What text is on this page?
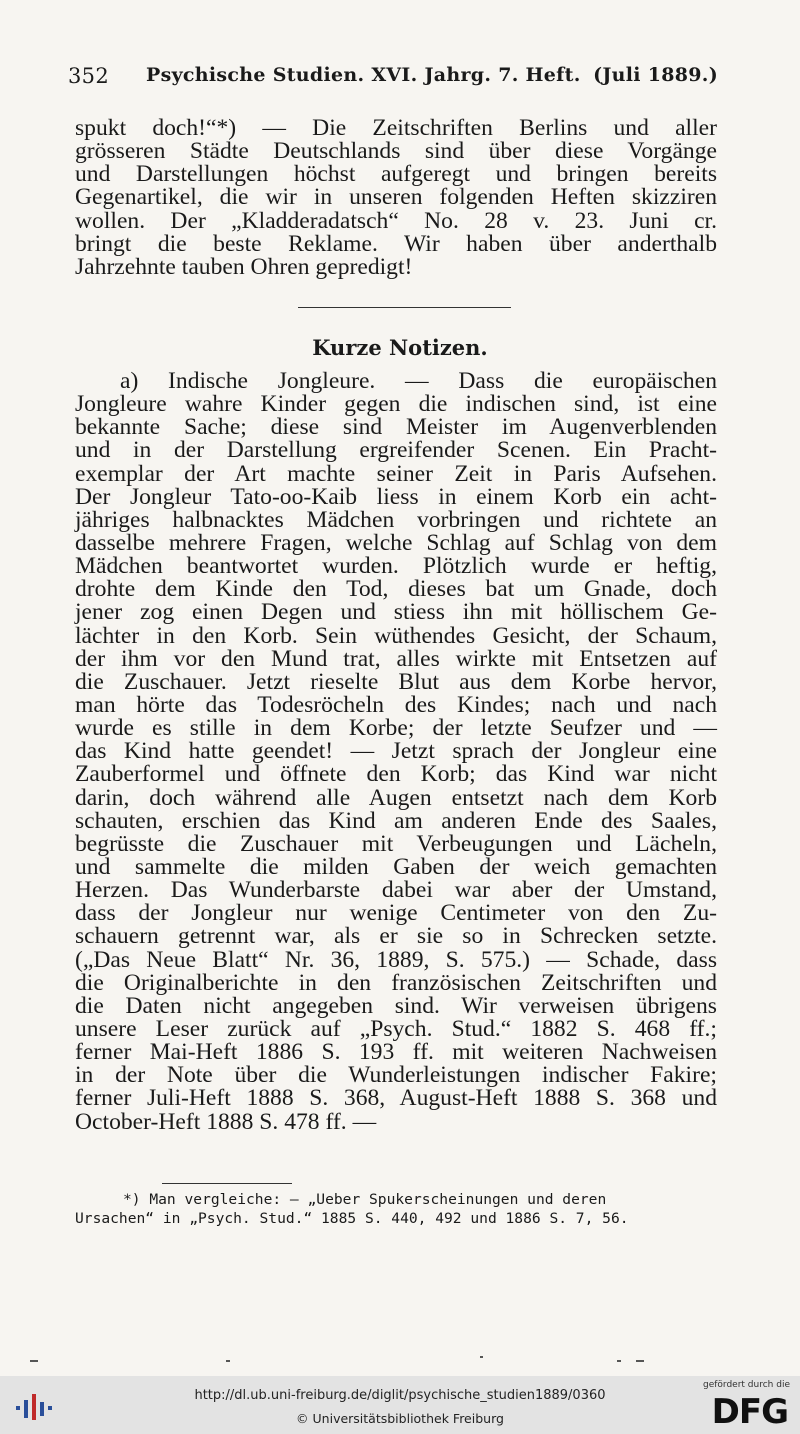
352 Psychische Studien. XVI. Jahrg. 7. Heft. (Juli 1889.)
spukt doch!“*) — Die Zeitschriften Berlins und aller
grösseren Städte Deutschlands sind über diese Vorgänge
und Darstellungen höchst aufgeregt und bringen bereits
Gegenartikel, die wir in unseren folgenden Heften skizziren
wollen. Der „Kladderadatsch“ No. 28 v. 23. Juni cr.
bringt die beste Reklame. Wir haben über anderthalb
Jahrzehnte tauben Ohren gepredigt!
Kurze Notizen.
a) Indische Jongleure. — Dass die europäischen
Jongleure wahre Kinder gegen die indischen sind, ist eine
bekannte Sache; diese sind Meister im Augenverblenden
und in der Darstellung ergreifender Scenen. Ein Pracht-
exemplar der Art machte seiner Zeit in Paris Aufsehen.
Der Jongleur Tato-oo-Kaib liess in einem Korb ein acht-
jähriges halbnacktes Mädchen vorbringen und richtete an
dasselbe mehrere Fragen, welche Schlag auf Schlag von dem
Mädchen beantwortet wurden. Plötzlich wurde er heftig,
drohte dem Kinde den Tod, dieses bat um Gnade, doch
jener zog einen Degen und stiess ihn mit höllischem Ge-
lächter in den Korb. Sein wüthendes Gesicht, der Schaum,
der ihm vor den Mund trat, alles wirkte mit Entsetzen auf
die Zuschauer. Jetzt rieselte Blut aus dem Korbe hervor,
man hörte das Todesröcheln des Kindes; nach und nach
wurde es stille in dem Korbe; der letzte Seufzer und —
das Kind hatte geendet! — Jetzt sprach der Jongleur eine
Zauberformel und öffnete den Korb; das Kind war nicht
darin, doch während alle Augen entsetzt nach dem Korb
schauten, erschien das Kind am anderen Ende des Saales,
begrüsste die Zuschauer mit Verbeugungen und Lächeln,
und sammelte die milden Gaben der weich gemachten
Herzen. Das Wunderbarste dabei war aber der Umstand,
dass der Jongleur nur wenige Centimeter von den Zu-
schauern getrennt war, als er sie so in Schrecken setzte.
(„Das Neue Blatt“ Nr. 36, 1889, S. 575.) — Schade, dass
die Originalberichte in den französischen Zeitschriften und
die Daten nicht angegeben sind. Wir verweisen übrigens
unsere Leser zurück auf „Psych. Stud.“ 1882 S. 468 ff.;
ferner Mai-Heft 1886 S. 193 ff. mit weiteren Nachweisen
in der Note über die Wunderleistungen indischer Fakire;
ferner Juli-Heft 1888 S. 368, August-Heft 1888 S. 368 und
October-Heft 1888 S. 478 ff. —
*) Man vergleiche: — „Ueber Spukerscheinungen und deren
Ursachen“ in „Psych. Stud.“ 1885 S. 440, 492 und 1886 S. 7, 56.
http://dl.ub.uni-freiburg.de/diglit/psychische_studien1889/0360
© Universitätsbibliothek Freiburg
gefördert durch die
DFG
